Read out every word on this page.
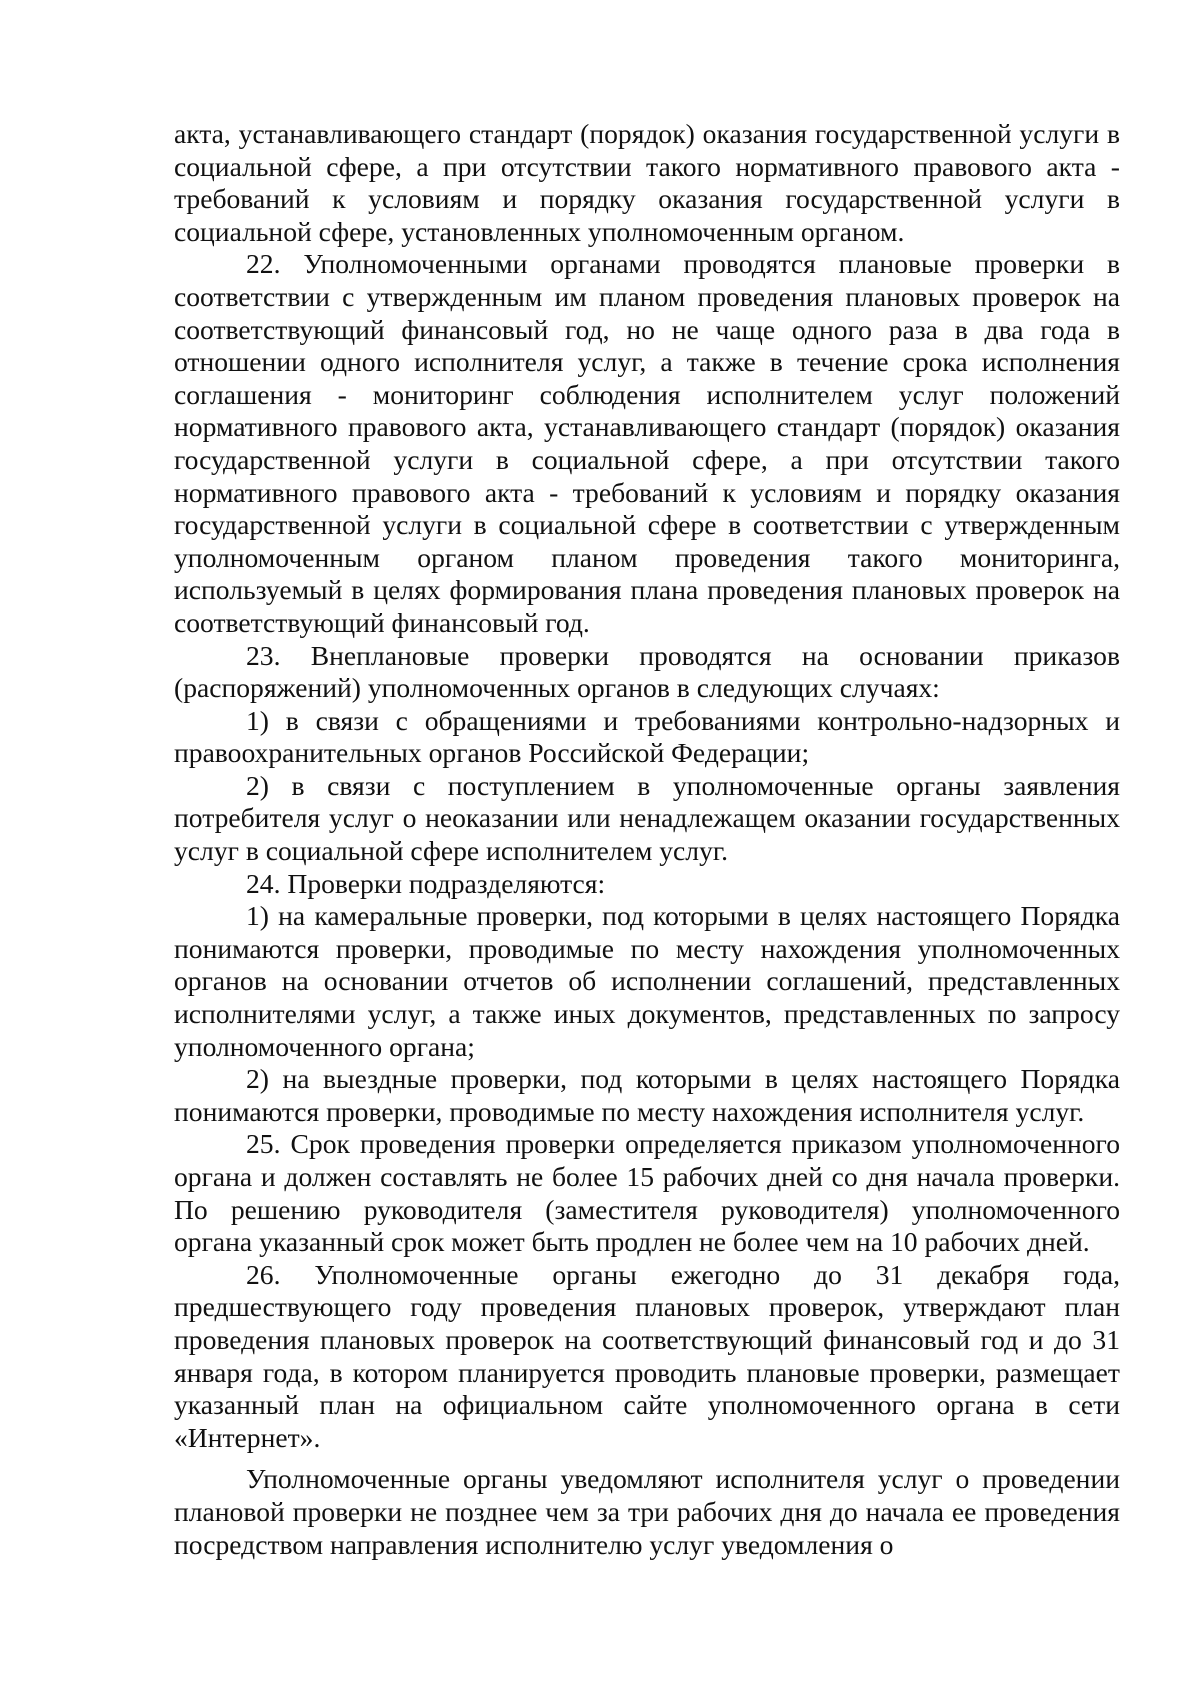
акта, устанавливающего стандарт (порядок) оказания государственной услуги в социальной сфере, а при отсутствии такого нормативного правового акта - требований к условиям и порядку оказания государственной услуги в социальной сфере, установленных уполномоченным органом.

22. Уполномоченными органами проводятся плановые проверки в соответствии с утвержденным им планом проведения плановых проверок на соответствующий финансовый год, но не чаще одного раза в два года в отношении одного исполнителя услуг, а также в течение срока исполнения соглашения - мониторинг соблюдения исполнителем услуг положений нормативного правового акта, устанавливающего стандарт (порядок) оказания государственной услуги в социальной сфере, а при отсутствии такого нормативного правового акта - требований к условиям и порядку оказания государственной услуги в социальной сфере в соответствии с утвержденным уполномоченным органом планом проведения такого мониторинга, используемый в целях формирования плана проведения плановых проверок на соответствующий финансовый год.

23. Внеплановые проверки проводятся на основании приказов (распоряжений) уполномоченных органов в следующих случаях:

1) в связи с обращениями и требованиями контрольно-надзорных и правоохранительных органов Российской Федерации;

2) в связи с поступлением в уполномоченные органы заявления потребителя услуг о неоказании или ненадлежащем оказании государственных услуг в социальной сфере исполнителем услуг.

24. Проверки подразделяются:

1) на камеральные проверки, под которыми в целях настоящего Порядка понимаются проверки, проводимые по месту нахождения уполномоченных органов на основании отчетов об исполнении соглашений, представленных исполнителями услуг, а также иных документов, представленных по запросу уполномоченного органа;

2) на выездные проверки, под которыми в целях настоящего Порядка понимаются проверки, проводимые по месту нахождения исполнителя услуг.

25. Срок проведения проверки определяется приказом уполномоченного органа и должен составлять не более 15 рабочих дней со дня начала проверки. По решению руководителя (заместителя руководителя) уполномоченного органа указанный срок может быть продлен не более чем на 10 рабочих дней.

26. Уполномоченные органы ежегодно до 31 декабря года, предшествующего году проведения плановых проверок, утверждают план проведения плановых проверок на соответствующий финансовый год и до 31 января года, в котором планируется проводить плановые проверки, размещает указанный план на официальном сайте уполномоченного органа в сети «Интернет».

Уполномоченные органы уведомляют исполнителя услуг о проведении плановой проверки не позднее чем за три рабочих дня до начала ее проведения посредством направления исполнителю услуг уведомления о
